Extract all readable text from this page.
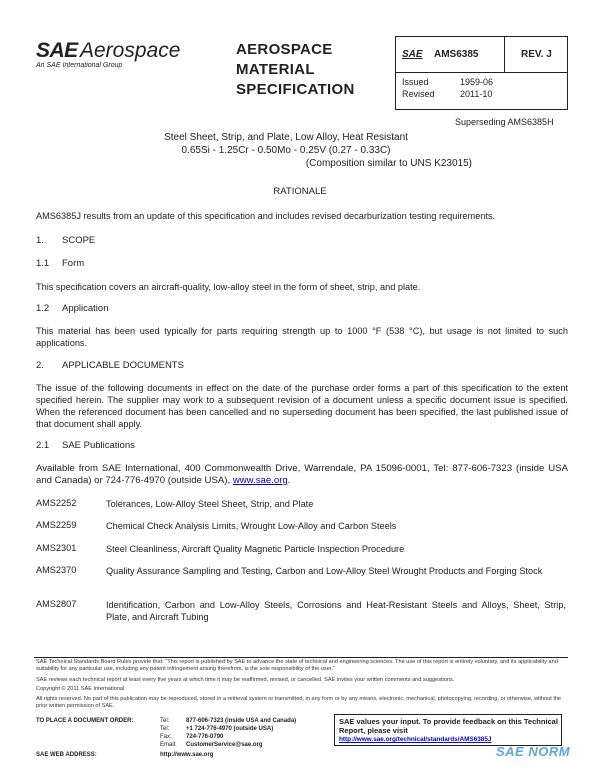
SAE Aerospace
An SAE International Group
AEROSPACE
MATERIAL
SPECIFICATION
SAE AMS6385	REV. J
Issued	1959-06
Revised	2011-10
Superseding AMS6385H
Steel Sheet, Strip, and Plate, Low Alloy, Heat Resistant
0.65Si - 1.25Cr - 0.50Mo - 0.25V (0.27 - 0.33C)
(Composition similar to UNS K23015)
RATIONALE
AMS6385J results from an update of this specification and includes revised decarburization testing requirements.
1. SCOPE
1.1 Form
This specification covers an aircraft-quality, low-alloy steel in the form of sheet, strip, and plate.
1.2 Application
This material has been used typically for parts requiring strength up to 1000 °F (538 °C), but usage is not limited to such applications.
2. APPLICABLE DOCUMENTS
The issue of the following documents in effect on the date of the purchase order forms a part of this specification to the extent specified herein. The supplier may work to a subsequent revision of a document unless a specific document issue is specified. When the referenced document has been cancelled and no superseding document has been specified, the last published issue of that document shall apply.
2.1 SAE Publications
Available from SAE International, 400 Commonwealth Drive, Warrendale, PA 15096-0001, Tel: 877-606-7323 (inside USA and Canada) or 724-776-4970 (outside USA), www.sae.org.
AMS2252	Tolerances, Low-Alloy Steel Sheet, Strip, and Plate
AMS2259	Chemical Check Analysis Limits, Wrought Low-Alloy and Carbon Steels
AMS2301	Steel Cleanliness, Aircraft Quality Magnetic Particle Inspection Procedure
AMS2370	Quality Assurance Sampling and Testing, Carbon and Low-Alloy Steel Wrought Products and Forging Stock
AMS2807	Identification, Carbon and Low-Alloy Steels, Corrosions and Heat-Resistant Steels and Alloys, Sheet, Strip, Plate, and Aircraft Tubing
SAE Technical Standards Board Rules provide that: "This report is published by SAE to advance the state of technical and engineering sciences. The use of this report is entirely voluntary, and its applicability and suitability for any particular use, including any patent infringement arising therefrom, is the sole responsibility of the user."
SAE reviews each technical report at least every five years at which time it may be reaffirmed, revised, or cancelled. SAE invites your written comments and suggestions.
Copyright © 2011 SAE International
All rights reserved. No part of this publication may be reproduced, stored in a retrieval system or transmitted, in any form or by any means, electronic, mechanical, photocopying, recording, or otherwise, without the prior written permission of SAE.
TO PLACE A DOCUMENT ORDER:	Tel:	877-606-7323 (inside USA and Canada)
Tel:	+1 724-776-4970 (outside USA)
Fax: 724-776-0790
Email: CustomerService@sae.org
SAE WEB ADDRESS:	http://www.sae.org
SAE values your input. To provide feedback on this Technical Report, please visit
http://www.sae.org/technical/standards/AMS6385J
SAE NORM
